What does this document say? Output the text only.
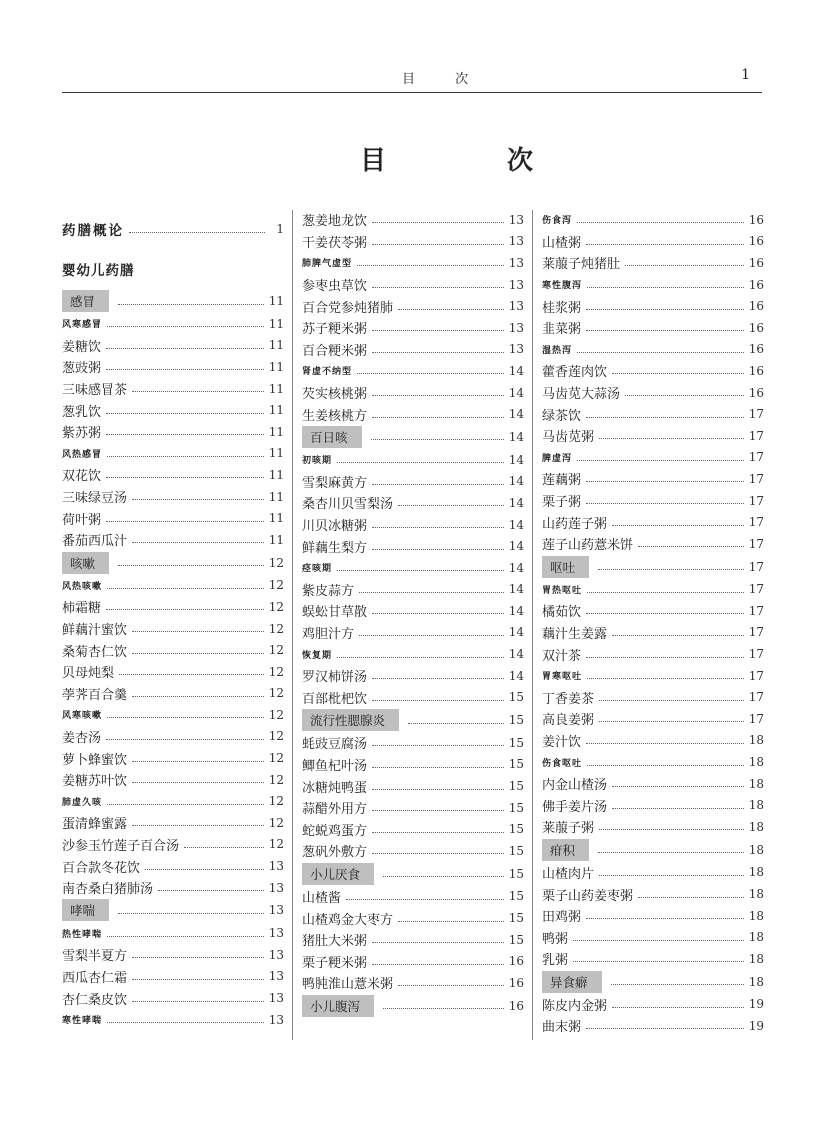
目 次	1
目 次
药膳概论	1
婴幼儿药膳
感冒	11
风寒感冒	11
姜糖饮	11
葱豉粥	11
三味感冒茶	11
葱乳饮	11
紫苏粥	11
风热感冒	11
双花饮	11
三味绿豆汤	11
荷叶粥	11
番茄西瓜汁	11
咳嗽	12
风热咳嗽	12
柿霜糖	12
鲜藕汁蜜饮	12
桑菊杏仁饮	12
贝母炖梨	12
荸荠百合羹	12
风寒咳嗽	12
姜杏汤	12
萝卜蜂蜜饮	12
姜糖苏叶饮	12
肺虚久咳	12
蛋清蜂蜜露	12
沙参玉竹莲子百合汤	12
百合款冬花饮	13
南杏桑白猪肺汤	13
哮喘	13
热性哮喘	13
雪梨半夏方	13
西瓜杏仁霜	13
杏仁桑皮饮	13
寒性哮喘	13
葱姜地龙饮	13
干姜茯苓粥	13
肺脾气虚型	13
参枣虫草饮	13
百合党参炖猪肺	13
苏子粳米粥	13
百合粳米粥	13
肾虚不纳型	14
芡实核桃粥	14
生姜核桃方	14
百日咳	14
初咳期	14
雪梨麻黄方	14
桑杏川贝雪梨汤	14
川贝冰糖粥	14
鲜藕生梨方	14
痉咳期	14
紫皮蒜方	14
蜈蚣甘草散	14
鸡胆汁方	14
恢复期	14
罗汉柿饼汤	14
百部枇杷饮	15
流行性腮腺炎	15
蚝豉豆腐汤	15
鲫鱼杞叶汤	15
冰糖炖鸭蛋	15
蒜醋外用方	15
蛇蜕鸡蛋方	15
葱矾外敷方	15
小儿厌食	15
山楂酱	15
山楂鸡金大枣方	15
猪肚大米粥	15
栗子粳米粥	16
鸭肫淮山薏米粥	16
小儿腹泻	16
伤食泻	16
山楂粥	16
莱菔子炖猪肚	16
寒性腹泻	16
桂浆粥	16
韭菜粥	16
湿热泻	16
藿香莲肉饮	16
马齿苋大蒜汤	16
绿茶饮	17
马齿苋粥	17
脾虚泻	17
莲藕粥	17
栗子粥	17
山药莲子粥	17
莲子山药薏米饼	17
呕吐	17
胃热呕吐	17
橘茹饮	17
藕汁生姜露	17
双汁茶	17
胃寒呕吐	17
丁香姜茶	17
高良姜粥	17
姜汁饮	18
伤食呕吐	18
内金山楂汤	18
佛手姜片汤	18
莱菔子粥	18
疳积	18
山楂肉片	18
栗子山药姜枣粥	18
田鸡粥	18
鸭粥	18
乳粥	18
异食癖	18
陈皮内金粥	19
曲末粥	19
